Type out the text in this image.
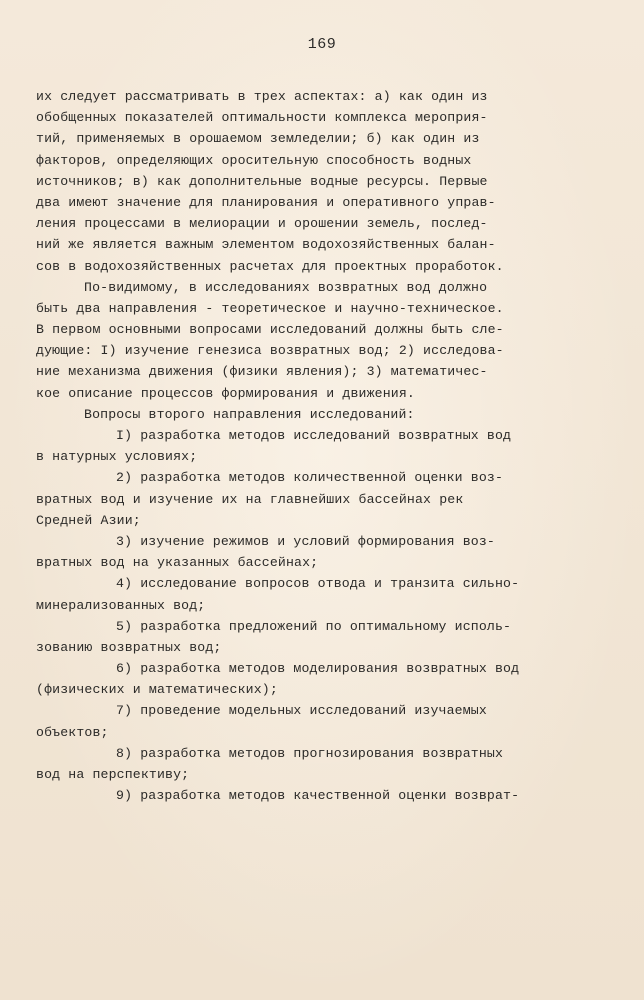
169
их следует рассматривать в трех аспектах: а) как один из
обобщенных показателей оптимальности комплекса мероприя-
тий, применяемых в орошаемом земледелии; б) как один из
факторов, определяющих оросительную способность водных
источников; в) как дополнительные водные ресурсы. Первые
два имеют значение для планирования и оперативного управ-
ления процессами в мелиорации и орошении земель, послед-
ний же является важным элементом водохозяйственных балан-
сов в водохозяйственных расчетах для проектных проработок.
По-видимому, в исследованиях возвратных вод должно
быть два направления - теоретическое и научно-техническое.
В первом основными вопросами исследований должны быть сле-
дующие: I) изучение генезиса возвратных вод; 2) исследова-
ние механизма движения (физики явления); 3) математичес-
кое описание процессов формирования и движения.
Вопросы второго направления исследований:
I) разработка методов исследований возвратных вод
в натурных условиях;
2) разработка методов количественной оценки воз-
вратных вод и изучение их на главнейших бассейнах рек
Средней Азии;
3) изучение режимов и условий формирования воз-
вратных вод на указанных бассейнах;
4) исследование вопросов отвода и транзита сильно-
минерализованных вод;
5) разработка предложений по оптимальному исполь-
зованию возвратных вод;
6) разработка методов моделирования возвратных вод
(физических и математических);
7) проведение модельных исследований изучаемых
объектов;
8) разработка методов прогнозирования возвратных
вод на перспективу;
9) разработка методов качественной оценки возврат-
